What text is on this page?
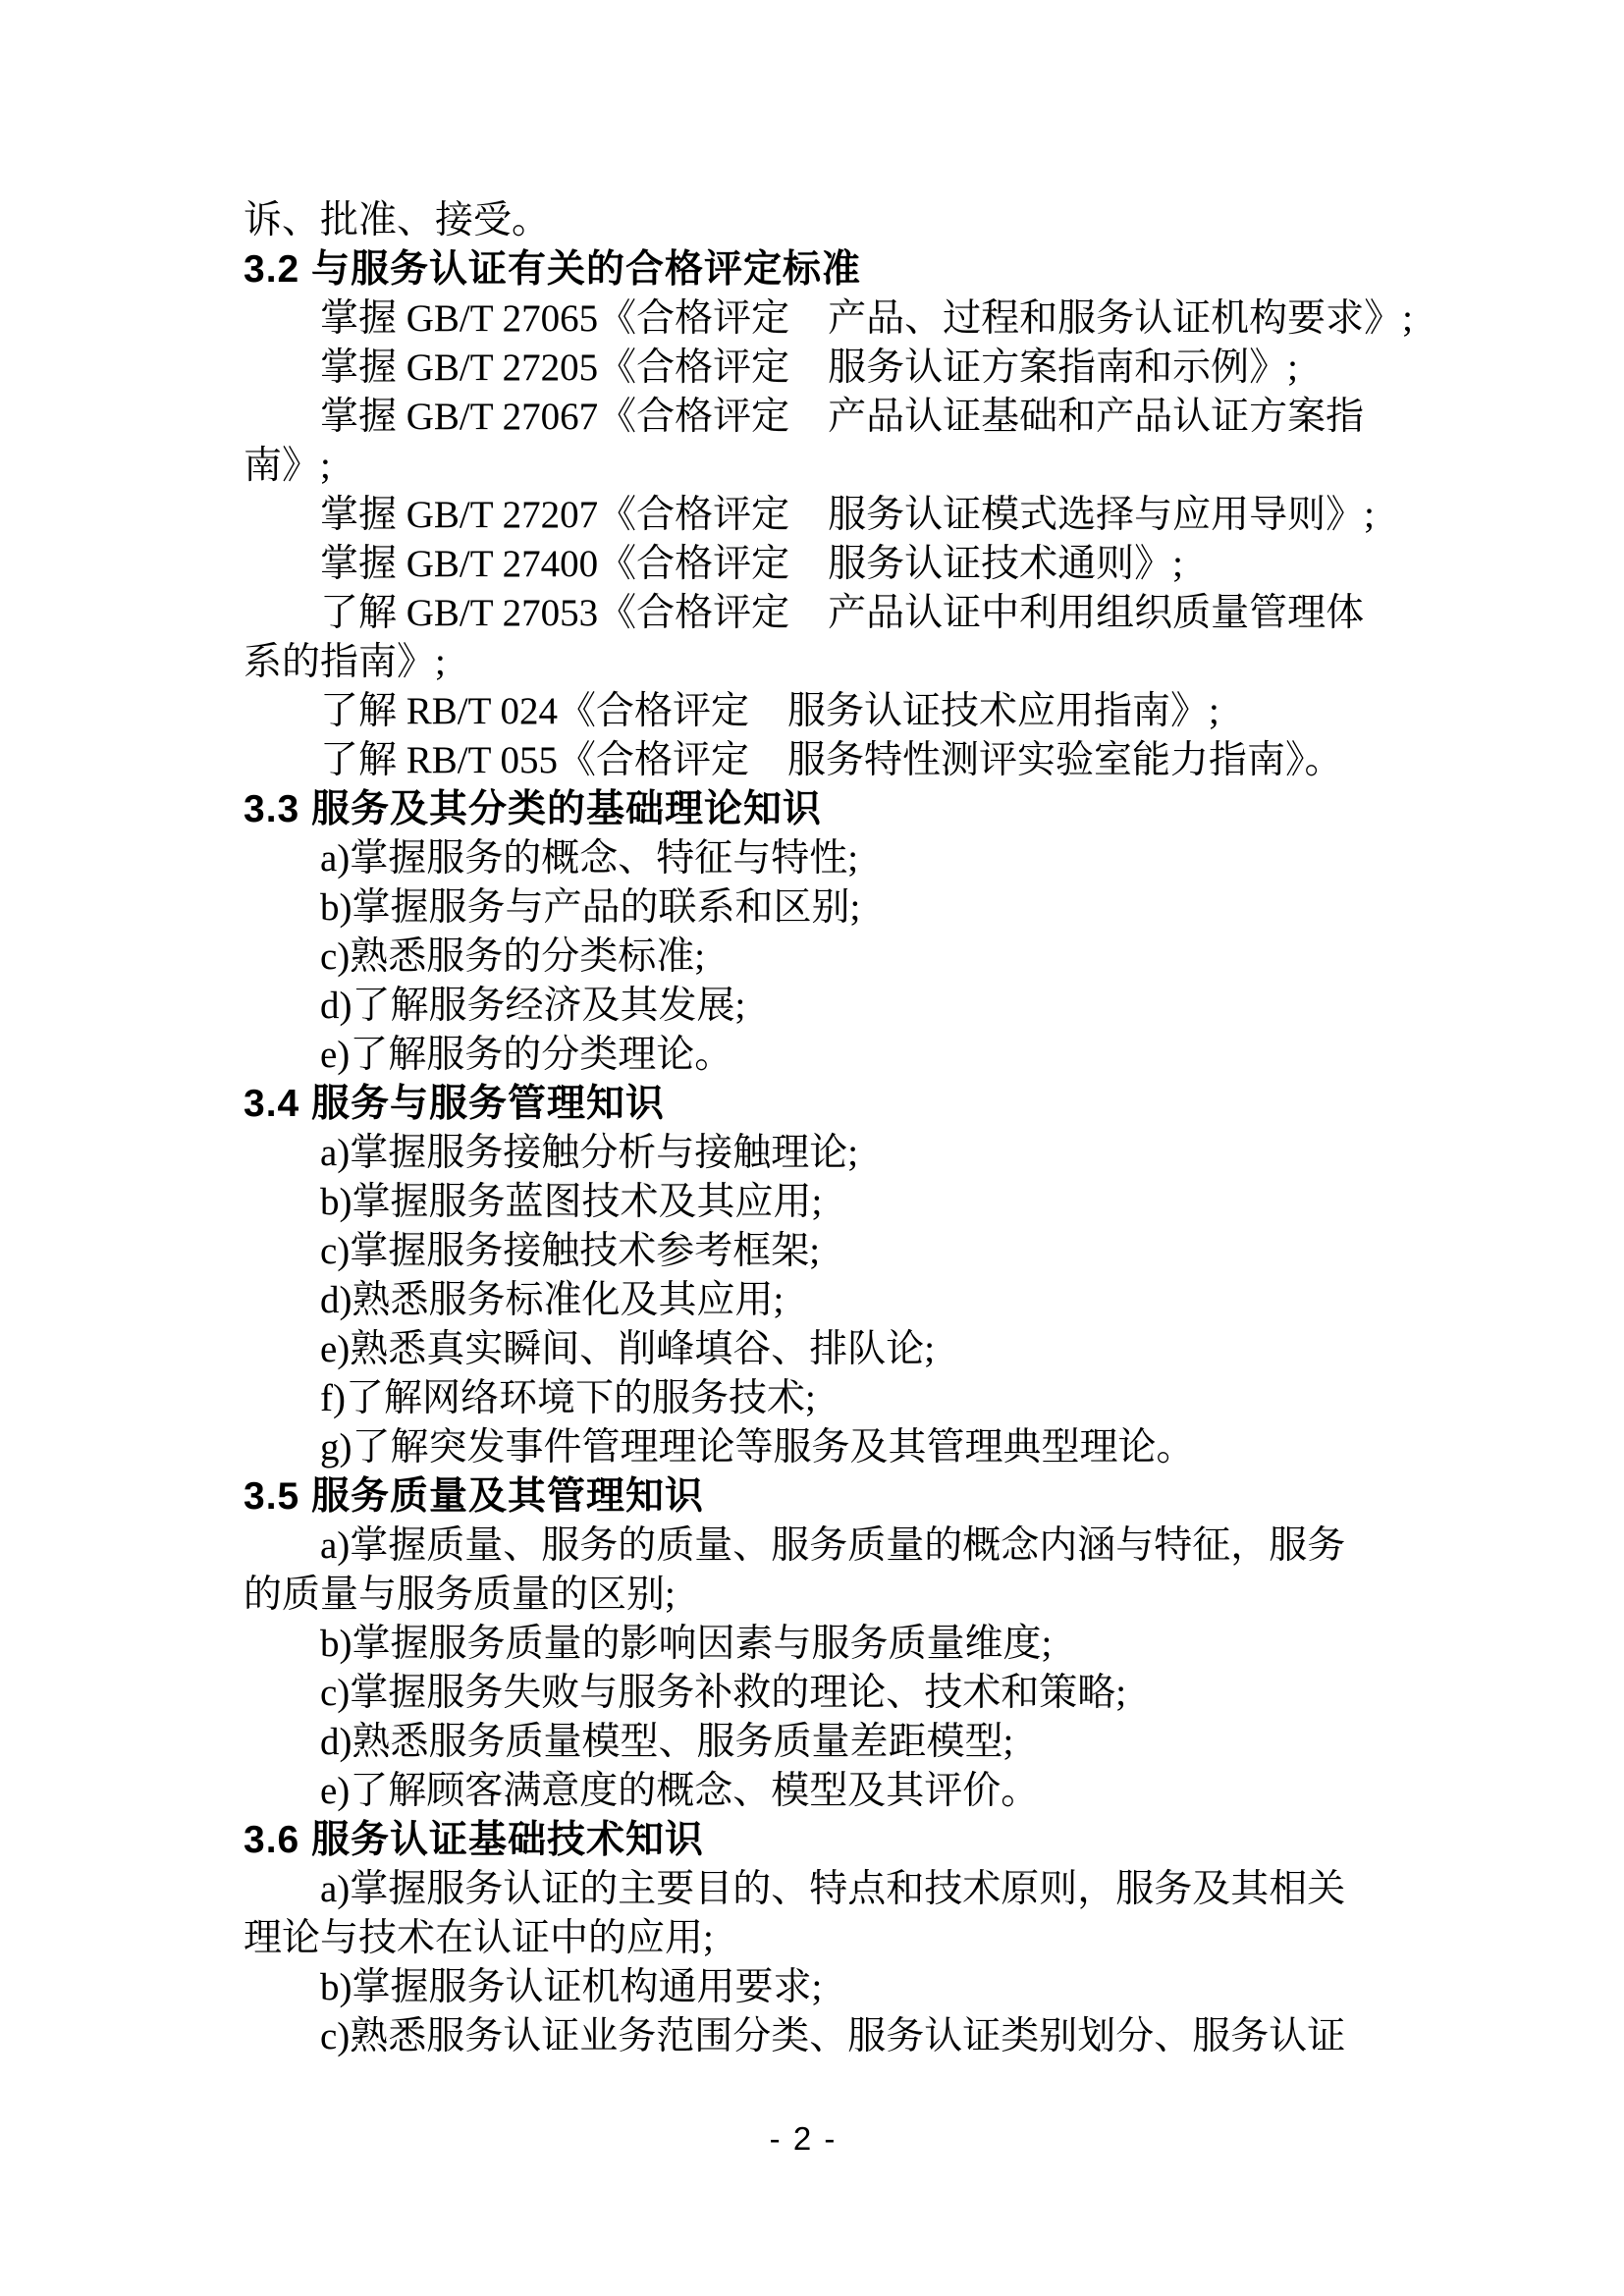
诉、批准、接受。
3.2 与服务认证有关的合格评定标准
掌握 GB/T 27065《合格评定　产品、过程和服务认证机构要求》;
掌握 GB/T 27205《合格评定　服务认证方案指南和示例》;
掌握 GB/T 27067《合格评定　产品认证基础和产品认证方案指
南》;
掌握 GB/T 27207《合格评定　服务认证模式选择与应用导则》;
掌握 GB/T 27400《合格评定　服务认证技术通则》;
了解 GB/T 27053《合格评定　产品认证中利用组织质量管理体
系的指南》;
了解 RB/T 024《合格评定　服务认证技术应用指南》;
了解 RB/T 055《合格评定　服务特性测评实验室能力指南》。
3.3 服务及其分类的基础理论知识
a)掌握服务的概念、特征与特性;
b)掌握服务与产品的联系和区别;
c)熟悉服务的分类标准;
d)了解服务经济及其发展;
e)了解服务的分类理论。
3.4 服务与服务管理知识
a)掌握服务接触分析与接触理论;
b)掌握服务蓝图技术及其应用;
c)掌握服务接触技术参考框架;
d)熟悉服务标准化及其应用;
e)熟悉真实瞬间、削峰填谷、排队论;
f)了解网络环境下的服务技术;
g)了解突发事件管理理论等服务及其管理典型理论。
3.5 服务质量及其管理知识
a)掌握质量、服务的质量、服务质量的概念内涵与特征，服务
的质量与服务质量的区别;
b)掌握服务质量的影响因素与服务质量维度;
c)掌握服务失败与服务补救的理论、技术和策略;
d)熟悉服务质量模型、服务质量差距模型;
e)了解顾客满意度的概念、模型及其评价。
3.6 服务认证基础技术知识
a)掌握服务认证的主要目的、特点和技术原则，服务及其相关
理论与技术在认证中的应用;
b)掌握服务认证机构通用要求;
c)熟悉服务认证业务范围分类、服务认证类别划分、服务认证
- 2 -
